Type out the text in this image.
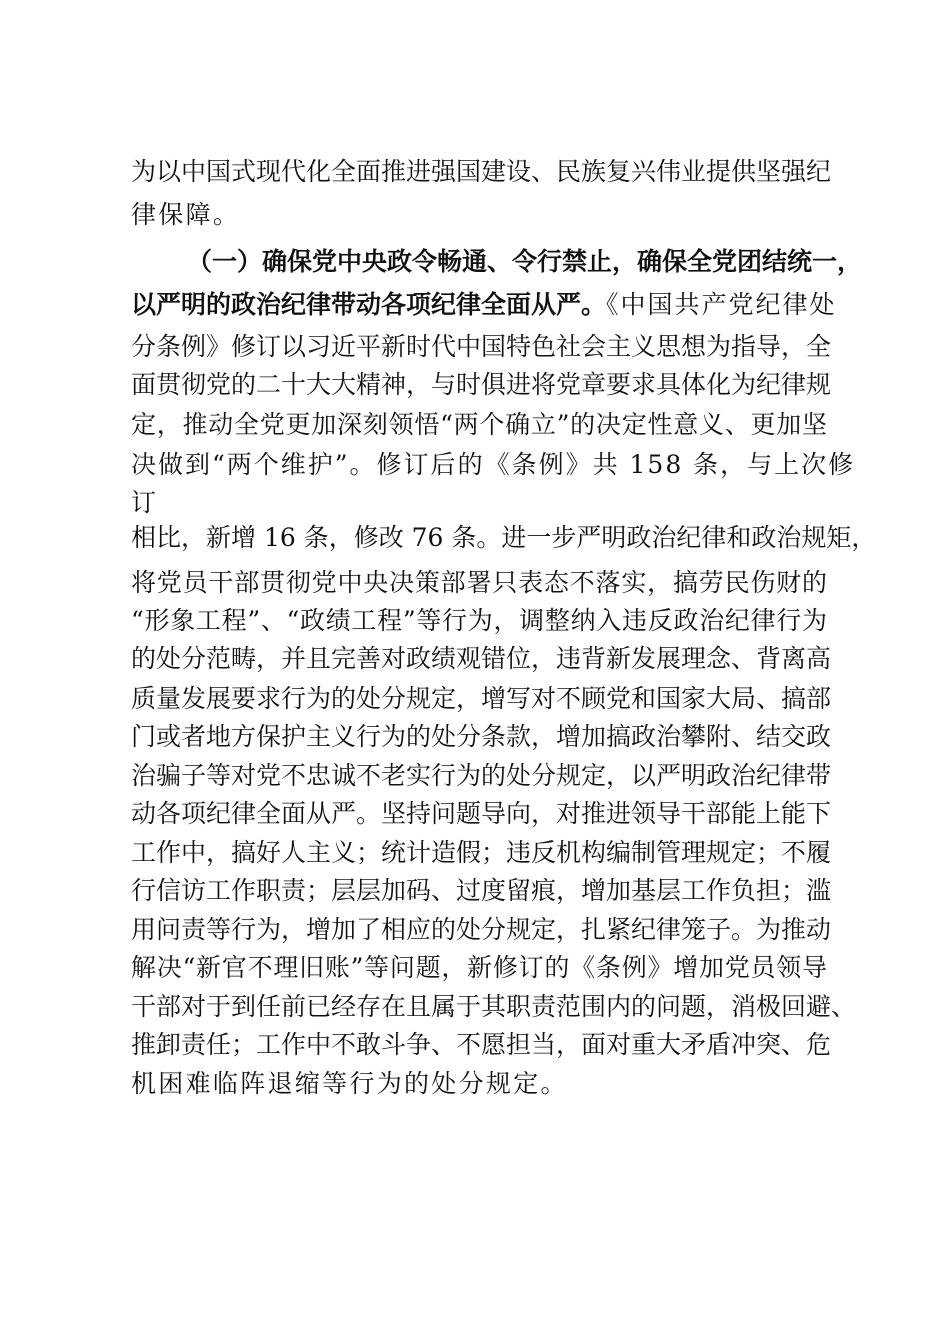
为以中国式现代化全面推进强国建设、民族复兴伟业提供坚强纪
律保障。
（一）确保党中央政令畅通、令行禁止，确保全党团结统一，
以严明的政治纪律带动各项纪律全面从严。《中国共产党纪律处
分条例》修订以习近平新时代中国特色社会主义思想为指导，全
面贯彻党的二十大大精神，与时俱进将党章要求具体化为纪律规
定，推动全党更加深刻领悟“两个确立”的决定性意义、更加坚
决做到“两个维护”。修订后的《条例》共 158 条，与上次修
订
相比，新增 16 条，修改 76 条。进一步严明政治纪律和政治规矩，
将党员干部贯彻党中央决策部署只表态不落实，搞劳民伤财的
“形象工程”、“政绩工程”等行为，调整纳入违反政治纪律行为
的处分范畴，并且完善对政绩观错位，违背新发展理念、背离高
质量发展要求行为的处分规定，增写对不顾党和国家大局、搞部
门或者地方保护主义行为的处分条款，增加搞政治攀附、结交政
治骗子等对党不忠诚不老实行为的处分规定，以严明政治纪律带
动各项纪律全面从严。坚持问题导向，对推进领导干部能上能下
工作中，搞好人主义；统计造假；违反机构编制管理规定；不履
行信访工作职责；层层加码、过度留痕，增加基层工作负担；滥
用问责等行为，增加了相应的处分规定，扎紧纪律笼子。为推动
解决“新官不理旧账”等问题，新修订的《条例》增加党员领导
干部对于到任前已经存在且属于其职责范围内的问题，消极回避、
推卸责任；工作中不敢斗争、不愿担当，面对重大矛盾冲突、危
机困难临阵退缩等行为的处分规定。
